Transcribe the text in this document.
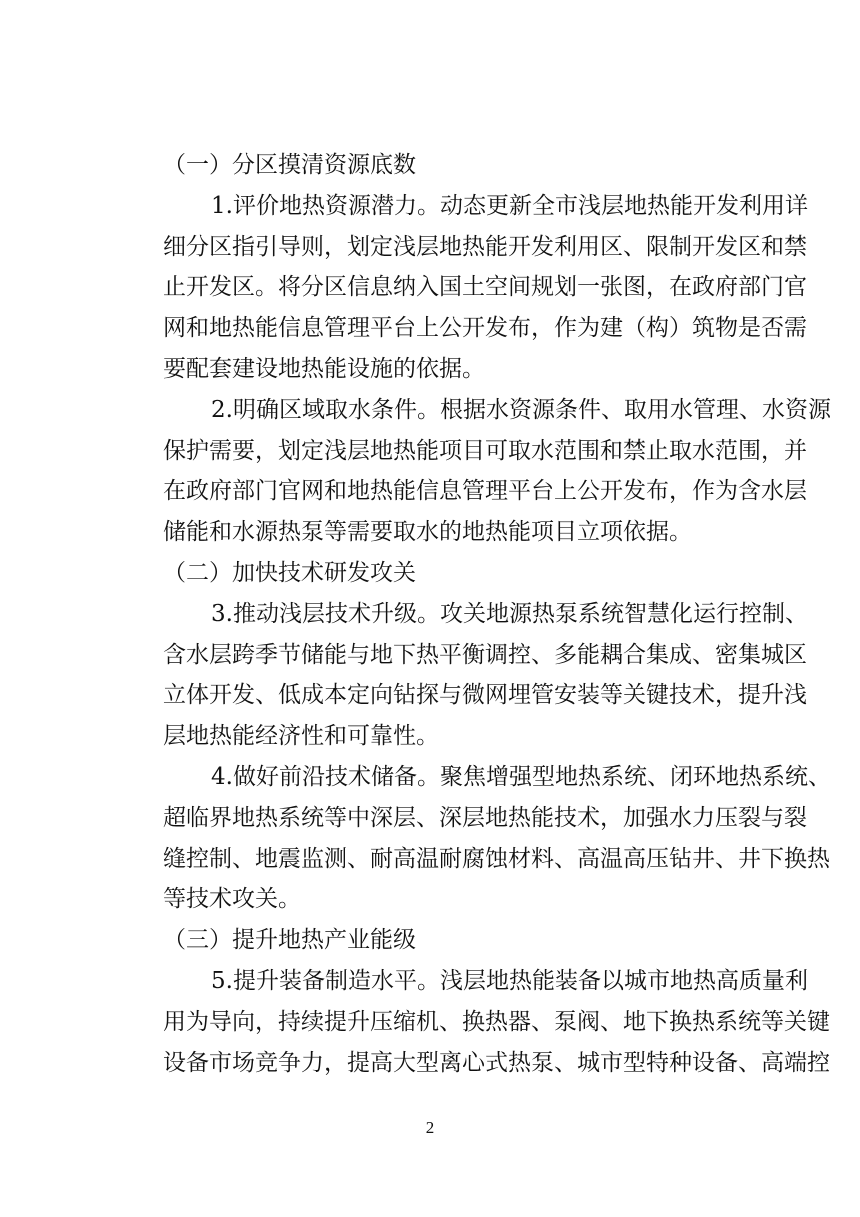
（一）分区摸清资源底数
1.评价地热资源潜力。动态更新全市浅层地热能开发利用详
细分区指引导则，划定浅层地热能开发利用区、限制开发区和禁
止开发区。将分区信息纳入国土空间规划一张图，在政府部门官
网和地热能信息管理平台上公开发布，作为建（构）筑物是否需
要配套建设地热能设施的依据。
2.明确区域取水条件。根据水资源条件、取用水管理、水资源
保护需要，划定浅层地热能项目可取水范围和禁止取水范围，并
在政府部门官网和地热能信息管理平台上公开发布，作为含水层
储能和水源热泵等需要取水的地热能项目立项依据。
（二）加快技术研发攻关
3.推动浅层技术升级。攻关地源热泵系统智慧化运行控制、
含水层跨季节储能与地下热平衡调控、多能耦合集成、密集城区
立体开发、低成本定向钻探与微网埋管安装等关键技术，提升浅
层地热能经济性和可靠性。
4.做好前沿技术储备。聚焦增强型地热系统、闭环地热系统、
超临界地热系统等中深层、深层地热能技术，加强水力压裂与裂
缝控制、地震监测、耐高温耐腐蚀材料、高温高压钻井、井下换热
等技术攻关。
（三）提升地热产业能级
5.提升装备制造水平。浅层地热能装备以城市地热高质量利
用为导向，持续提升压缩机、换热器、泵阀、地下换热系统等关键
设备市场竞争力，提高大型离心式热泵、城市型特种设备、高端控
2
